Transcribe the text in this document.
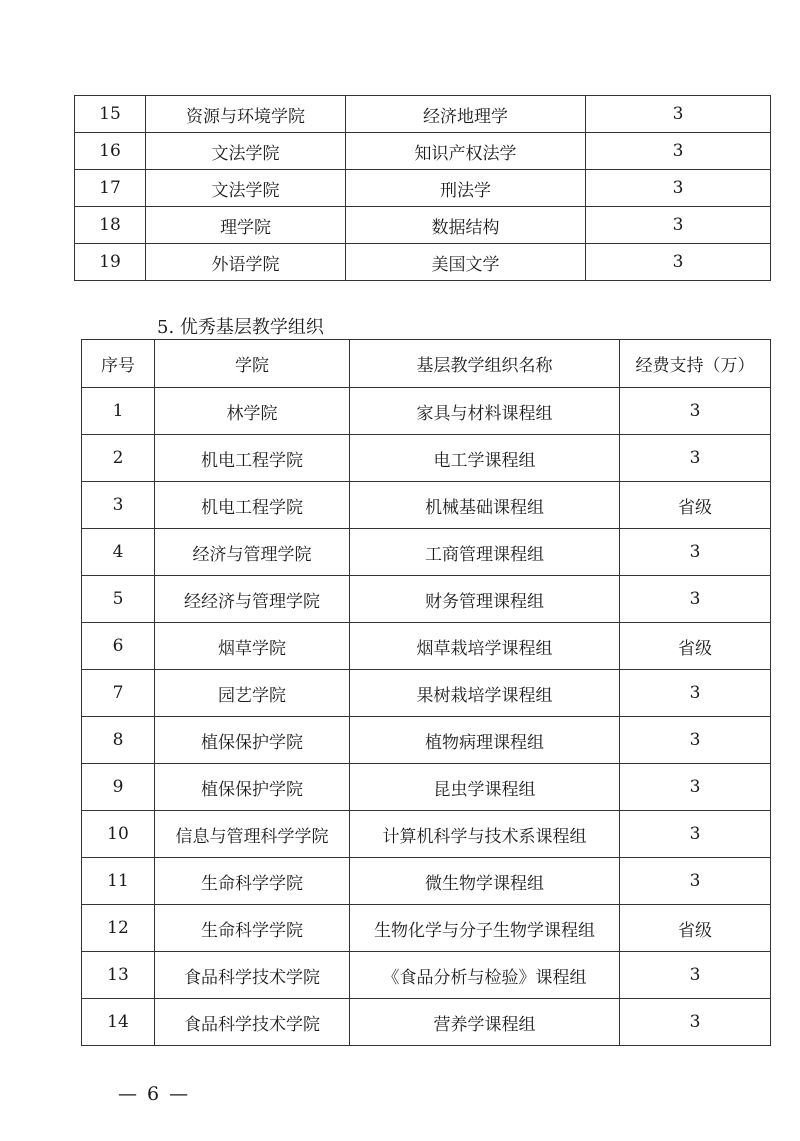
15	资源与环境学院	经济地理学	3
16	文法学院	知识产权法学	3
17	文法学院	刑法学	3
18	理学院	数据结构	3
19	外语学院	美国文学	3
5. 优秀基层教学组织
序号	学院	基层教学组织名称	经费支持（万）
1	林学院	家具与材料课程组	3
2	机电工程学院	电工学课程组	3
3	机电工程学院	机械基础课程组	省级
4	经济与管理学院	工商管理课程组	3
5	经经济与管理学院	财务管理课程组	3
6	烟草学院	烟草栽培学课程组	省级
7	园艺学院	果树栽培学课程组	3
8	植保保护学院	植物病理课程组	3
9	植保保护学院	昆虫学课程组	3
10	信息与管理科学学院	计算机科学与技术系课程组	3
11	生命科学学院	微生物学课程组	3
12	生命科学学院	生物化学与分子生物学课程组	省级
13	食品科学技术学院	《食品分析与检验》课程组	3
14	食品科学技术学院	营养学课程组	3
— 6 —
